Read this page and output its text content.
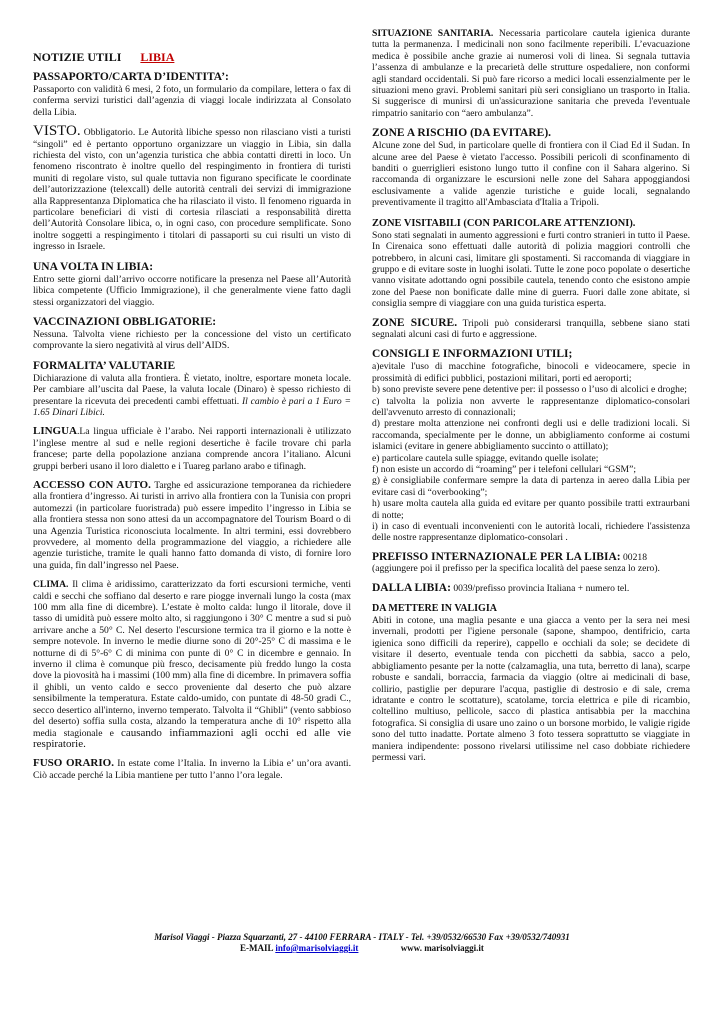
NOTIZIE UTILI LIBIA

PASSAPORTO/CARTA D’IDENTITA’:

Passaporto con validità 6 mesi, 2 foto, un formulario da compilare, lettera o fax di conferma servizi turistici dall’agenzia di viaggi locale indirizzata al Consolato della Libia.

VISTO. Obbligatorio. Le Autorità libiche spesso non rilasciano visti a turisti “singoli” ed è pertanto opportuno organizzare un viaggio in Libia, sin dalla richiesta del visto, con un’agenzia turistica che abbia contatti diretti in loco. Un fenomeno riscontrato è inoltre quello del respingimento in frontiera di turisti muniti di regolare visto, sul quale tuttavia non figurano specificate le coordinate dell’autorizzazione (telexcall) delle autorità centrali dei servizi di immigrazione alla Rappresentanza Diplomatica che ha rilasciato il visto. Il fenomeno riguarda in particolare beneficiari di visti di cortesia rilasciati a responsabilità diretta dell’Autorità Consolare libica, o, in ogni caso, con procedure semplificate. Sono inoltre soggetti a respingimento i titolari di passaporti su cui risulti un visto di ingresso in Israele.

UNA VOLTA IN LIBIA:

Entro sette giorni dall’arrivo occorre notificare la presenza nel Paese all’Autorità libica competente (Ufficio Immigrazione), il che generalmente viene fatto dagli stessi organizzatori del viaggio.

VACCINAZIONI OBBLIGATORIE:

Nessuna. Talvolta viene richiesto per la concessione del visto un certificato comprovante la siero negatività al virus dell’AIDS.

FORMALITA’ VALUTARIE

Dichiarazione di valuta alla frontiera. È vietato, inoltre, esportare moneta locale. Per cambiare all’uscita dal Paese, la valuta locale (Dinaro) è spesso richiesto di presentare la ricevuta dei precedenti cambi effettuati. Il cambio è pari a 1 Euro = 1.65 Dinari Libici.

LINGUA.La lingua ufficiale è l’arabo. Nei rapporti internazionali è utilizzato l’inglese mentre al sud e nelle regioni desertiche è facile trovare chi parla francese; parte della popolazione anziana comprende ancora l’italiano. Alcuni gruppi berberi usano il loro dialetto e i Tuareg parlano arabo e tifinagh.

ACCESSO CON AUTO. Targhe ed assicurazione temporanea da richiedere alla frontiera d’ingresso. Ai turisti in arrivo alla frontiera con la Tunisia con propri automezzi (in particolare fuoristrada) può essere impedito l’ingresso in Libia se alla frontiera stessa non sono attesi da un accompagnatore del Tourism Board o di una Agenzia Turistica riconosciuta localmente. In altri termini, essi dovrebbero provvedere, al momento della programmazione del viaggio, a richiedere alle agenzie turistiche, tramite le quali hanno fatto domanda di visto, di fornire loro una guida, fin dall’ingresso nel Paese.

CLIMA. Il clima è aridissimo, caratterizzato da forti escursioni termiche, venti caldi e secchi che soffiano dal deserto e rare piogge invernali lungo la costa (max 100 mm alla fine di dicembre). L’estate è molto calda: lungo il litorale, dove il tasso di umidità può essere molto alto, si raggiungono i 30° C mentre a sud si può arrivare anche a 50° C. Nel deserto l'escursione termica tra il giorno e la notte è sempre notevole. In inverno le medie diurne sono di 20°-25° C di massima e le notturne di di 5°-6° C di minima con punte di 0° C in dicembre e gennaio. In inverno il clima è comunque più fresco, decisamente più freddo lungo la costa dove la piovosità ha i massimi (100 mm) alla fine di dicembre. In primavera soffia il ghibli, un vento caldo e secco proveniente dal deserto che può alzare sensibilmente la temperatura. Estate caldo-umido, con puntate di 48-50 gradi C., secco desertico all'interno, inverno temperato. Talvolta il “Ghibli” (vento sabbioso del deserto) soffia sulla costa, alzando la temperatura anche di 10° rispetto alla media stagionale e causando infiammazioni agli occhi ed alle vie respiratorie.

FUSO ORARIO. In estate come l’Italia. In inverno la Libia e’ un’ora avanti. Ciò accade perché la Libia mantiene per tutto l’anno l’ora legale.

SITUAZIONE SANITARIA. Necessaria particolare cautela igienica durante tutta la permanenza. I medicinali non sono facilmente reperibili. L’evacuazione medica è possibile anche grazie ai numerosi voli di linea. Si segnala tuttavia l’assenza di ambulanze e la precarietà delle strutture ospedaliere, non conformi agli standard occidentali. Si può fare ricorso a medici locali essenzialmente per le situazioni meno gravi. Problemi sanitari più seri consigliano un trasporto in Italia. Si suggerisce di munirsi di un'assicurazione sanitaria che preveda l'eventuale rimpatrio sanitario con “aero ambulanza”.

ZONE A RISCHIO (DA EVITARE).

Alcune zone del Sud, in particolare quelle di frontiera con il Ciad Ed il Sudan. In alcune aree del Paese è vietato l'accesso. Possibili pericoli di sconfinamento di banditi o guerriglieri esistono lungo tutto il confine con il Sahara algerino. Si raccomanda di organizzare le escursioni nelle zone del Sahara appoggiandosi esclusivamente a valide agenzie turistiche e guide locali, segnalando preventivamente il tragitto all'Ambasciata d'Italia a Tripoli.

ZONE VISITABILI (CON PARICOLARE ATTENZIONI).

Sono stati segnalati in aumento aggressioni e furti contro stranieri in tutto il Paese. In Cirenaica sono effettuati dalle autorità di polizia maggiori controlli che potrebbero, in alcuni casi, limitare gli spostamenti. Si raccomanda di viaggiare in gruppo e di evitare soste in luoghi isolati. Tutte le zone poco popolate o desertiche vanno visitate adottando ogni possibile cautela, tenendo conto che esistono ampie zone del Paese non bonificate dalle mine di guerra. Fuori dalle zone abitate, si consiglia sempre di viaggiare con una guida turistica esperta.

ZONE SICURE. Tripoli può considerarsi tranquilla, sebbene siano stati segnalati alcuni casi di furto e aggressione.

CONSIGLI E INFORMAZIONI UTILI;

a)evitale l'uso di macchine fotografiche, binocoli e videocamere, specie in prossimità di edifici pubblici, postazioni militari, porti ed aeroporti;

b) sono previste severe pene detentive per: il possesso o l’uso di alcolici e droghe;

c) talvolta la polizia non avverte le rappresentanze diplomatico-consolari dell'avvenuto arresto di connazionali;

d) prestare molta attenzione nei confronti degli usi e delle tradizioni locali. Si raccomanda, specialmente per le donne, un abbigliamento conforme ai costumi islamici (evitare in genere abbigliamento succinto o attillato);

e) particolare cautela sulle spiagge, evitando quelle isolate;

f) non esiste un accordo di “roaming” per i telefoni cellulari “GSM”;

g) è consigliabile confermare sempre la data di partenza in aereo dalla Libia per evitare casi di “overbooking”;

h) usare molta cautela alla guida ed evitare per quanto possibile tratti extraurbani di notte;

i) in caso di eventuali inconvenienti con le autorità locali, richiedere l'assistenza delle nostre rappresentanze diplomatico-consolari .

PREFISSO INTERNAZIONALE PER LA LIBIA: 00218

(aggiungere poi il prefisso per la specifica località del paese senza lo zero).

DALLA LIBIA: 0039/prefisso provincia Italiana + numero tel.

DA METTERE IN VALIGIA

Abiti in cotone, una maglia pesante e una giacca a vento per la sera nei mesi invernali, prodotti per l'igiene personale (sapone, shampoo, dentifricio, carta igienica sono difficili da reperire), cappello e occhiali da sole; se decidete di visitare il deserto, eventuale tenda con picchetti da sabbia, sacco a pelo, abbigliamento pesante per la notte (calzamaglia, una tuta, berretto di lana), scarpe robuste e sandali, borraccia, farmacia da viaggio (oltre ai medicinali di base, collirio, pastiglie per depurare l'acqua, pastiglie di destrosio e di sale, crema idratante e contro le scottature), scatolame, torcia elettrica e pile di ricambio, coltellino multiuso, pellicole, sacco di plastica antisabbia per la macchina fotografica. Si consiglia di usare uno zaino o un borsone morbido, le valigie rigide sono del tutto inadatte. Portate almeno 3 foto tessera soprattutto se viaggiate in maniera indipendente: possono rivelarsi utilissime nel caso dobbiate richiedere permessi vari.

Marisol Viaggi - Piazza Squarzanti, 27 - 44100 FERRARA - ITALY - Tel. +39/0532/66530 Fax +39/0532/740931
E-MAIL info@marisolviaggi.it	www. marisolviaggi.it
